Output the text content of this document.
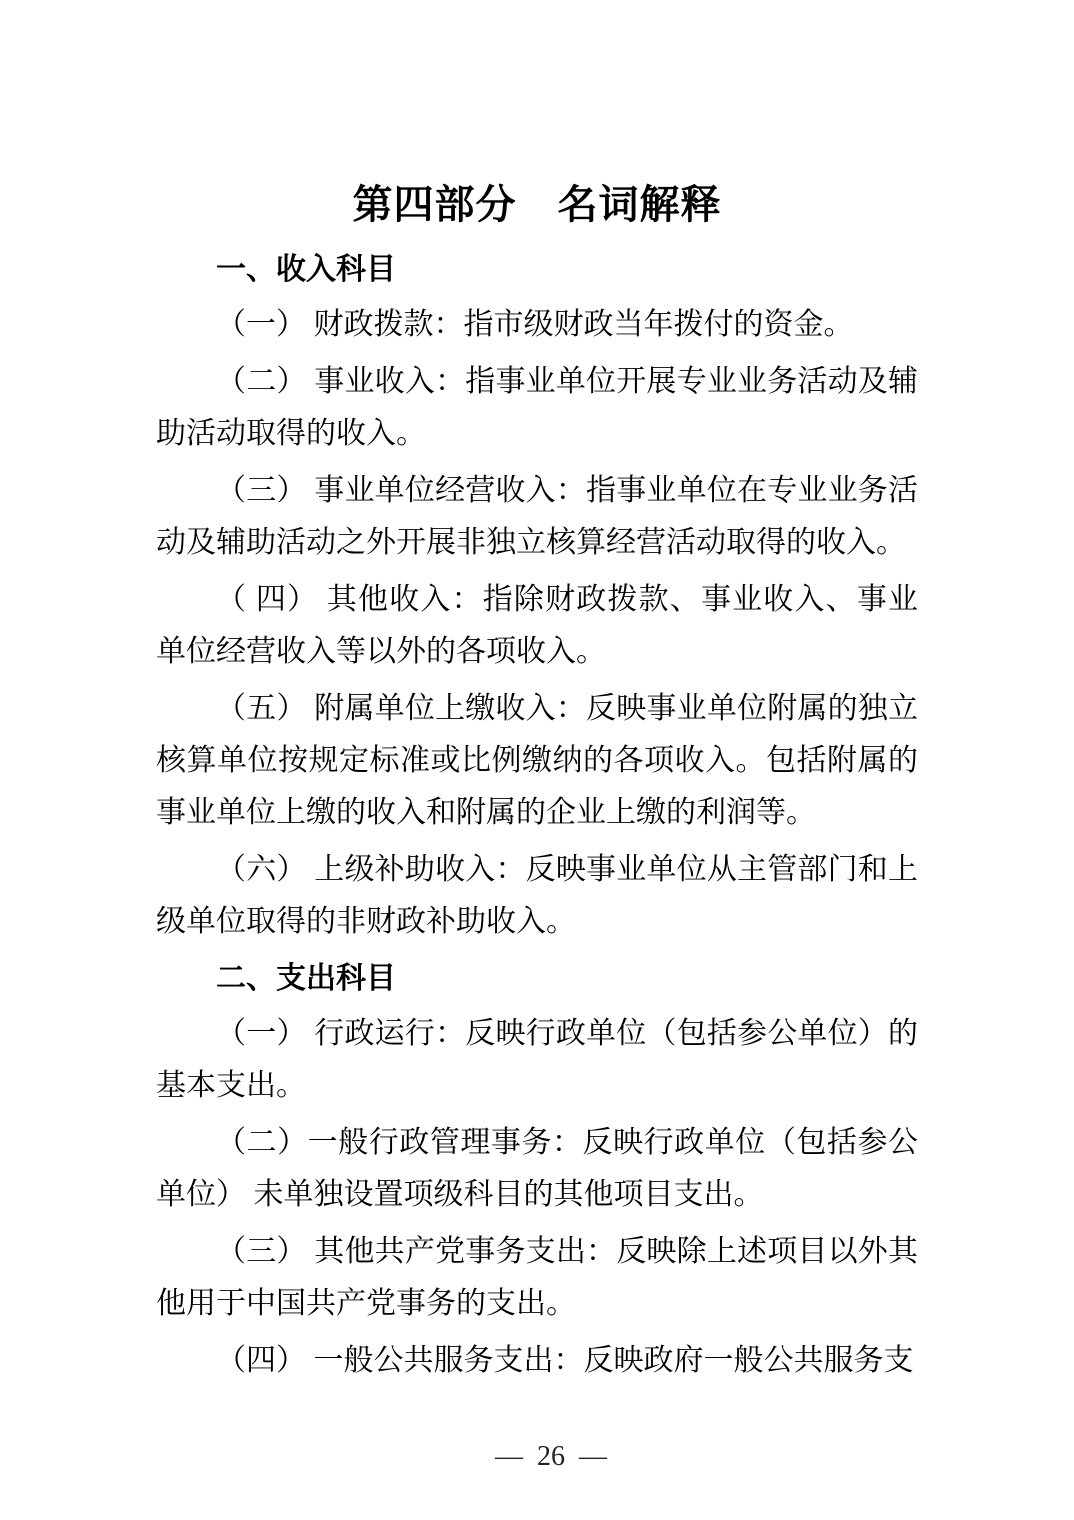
第四部分　名词解释
一、收入科目

（一） 财政拨款：指市级财政当年拨付的资金。

（二） 事业收入：指事业单位开展专业业务活动及辅助活动取得的收入。

（三） 事业单位经营收入：指事业单位在专业业务活动及辅助活动之外开展非独立核算经营活动取得的收入。

（ 四） 其他收入：指除财政拨款、事业收入、事业单位经营收入等以外的各项收入。

（五） 附属单位上缴收入：反映事业单位附属的独立核算单位按规定标准或比例缴纳的各项收入。包括附属的事业单位上缴的收入和附属的企业上缴的利润等。

（六） 上级补助收入：反映事业单位从主管部门和上级单位取得的非财政补助收入。

二、支出科目

（一） 行政运行：反映行政单位（包括参公单位）的基本支出。

（二）一般行政管理事务：反映行政单位（包括参公单位） 未单独设置项级科目的其他项目支出。

（三） 其他共产党事务支出：反映除上述项目以外其他用于中国共产党事务的支出。

（四） 一般公共服务支出：反映政府一般公共服务支

—  26  —
